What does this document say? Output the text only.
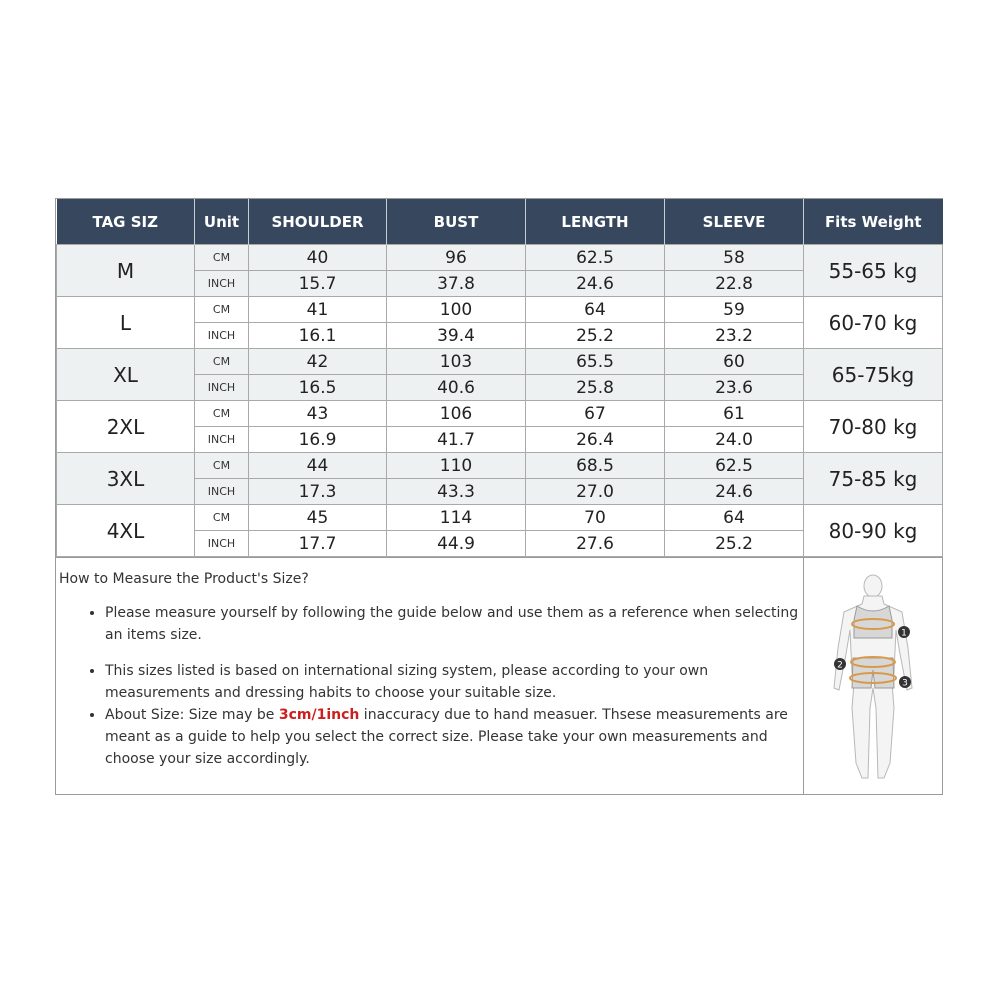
TAG SIZ	Unit	SHOULDER	BUST	LENGTH	SLEEVE	Fits Weight
M	CM	40	96	62.5	58	55-65 kg
	INCH	15.7	37.8	24.6	22.8	
L	CM	41	100	64	59	60-70 kg
	INCH	16.1	39.4	25.2	23.2	
XL	CM	42	103	65.5	60	65-75kg
	INCH	16.5	40.6	25.8	23.6	
2XL	CM	43	106	67	61	70-80 kg
	INCH	16.9	41.7	26.4	24.0	
3XL	CM	44	110	68.5	62.5	75-85 kg
	INCH	17.3	43.3	27.0	24.6	
4XL	CM	45	114	70	64	80-90 kg
	INCH	17.7	44.9	27.6	25.2	

How to Measure the Product's Size?

• Please measure yourself by following the guide below and use them as a reference when selecting an items size.
• This sizes listed is based on international sizing system, please according to your own measurements and dressing habits to choose your suitable size.
• About Size: Size may be 3cm/1inch inaccuracy due to hand measuer. Thsese measurements are meant as a guide to help you select the correct size. Please take your own measurements and choose your size accordingly.
1
2
3
